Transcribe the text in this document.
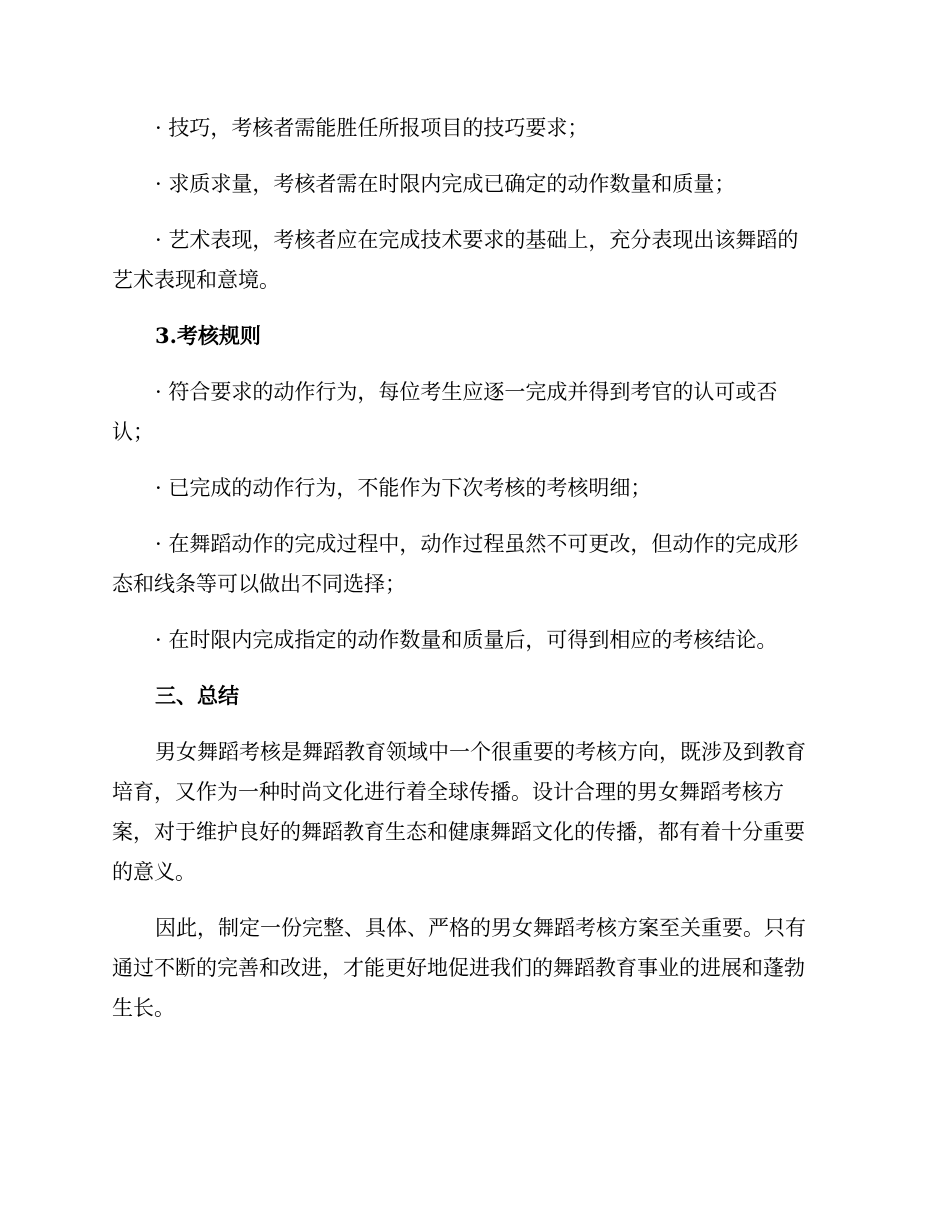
· 技巧，考核者需能胜任所报项目的技巧要求；
· 求质求量，考核者需在时限内完成已确定的动作数量和质量；
· 艺术表现，考核者应在完成技术要求的基础上，充分表现出该舞蹈的
艺术表现和意境。
3.考核规则
· 符合要求的动作行为，每位考生应逐一完成并得到考官的认可或否
认；
· 已完成的动作行为，不能作为下次考核的考核明细；
· 在舞蹈动作的完成过程中，动作过程虽然不可更改，但动作的完成形
态和线条等可以做出不同选择；
· 在时限内完成指定的动作数量和质量后，可得到相应的考核结论。
三、总结
男女舞蹈考核是舞蹈教育领域中一个很重要的考核方向，既涉及到教育
培育，又作为一种时尚文化进行着全球传播。设计合理的男女舞蹈考核方
案，对于维护良好的舞蹈教育生态和健康舞蹈文化的传播，都有着十分重要
的意义。
因此，制定一份完整、具体、严格的男女舞蹈考核方案至关重要。只有
通过不断的完善和改进，才能更好地促进我们的舞蹈教育事业的进展和蓬勃
生长。
